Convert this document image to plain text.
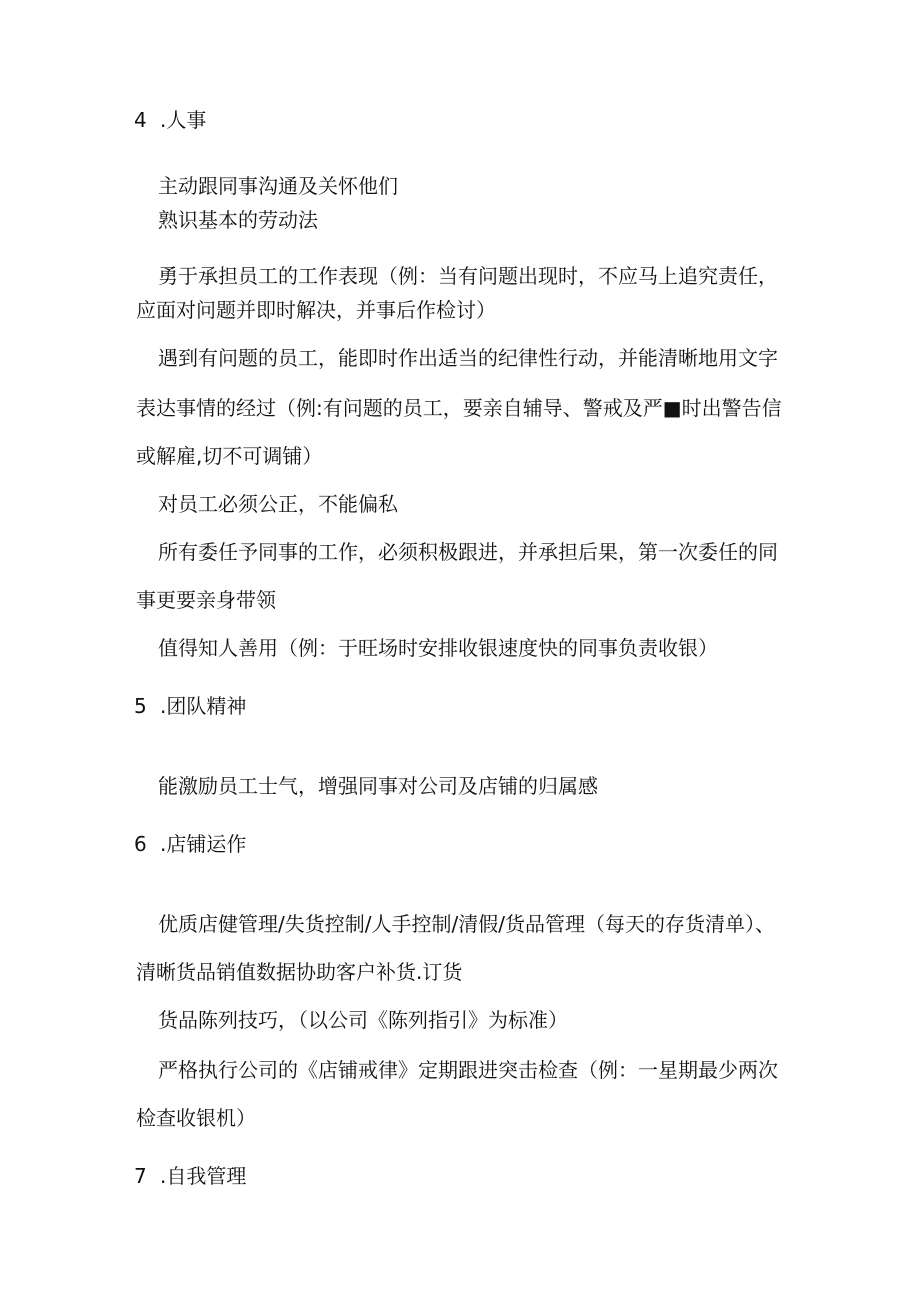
4 .人事

主动跟同事沟通及关怀他们

熟识基本的劳动法

勇于承担员工的工作表现（例：当有问题出现时，不应马上追究责任，

应面对问题并即时解决，并事后作检讨）

遇到有问题的员工，能即时作出适当的纪律性行动，并能清晰地用文字

表达事情的经过（例:有问题的员工，要亲自辅导、警戒及严■时出警告信

或解雇,切不可调铺）

对员工必须公正，不能偏私

所有委任予同事的工作，必须积极跟进，并承担后果，第一次委任的同

事更要亲身带领

值得知人善用（例：于旺场时安排收银速度快的同事负责收银）

5 .团队精神

能激励员工士气，增强同事对公司及店铺的归属感

6 .店铺运作

优质店健管理/失货控制/人手控制/清假/货品管理（每天的存货清单）、

清晰货品销值数据协助客户补货.订货

货品陈列技巧，（以公司《陈列指引》为标准）

严格执行公司的《店铺戒律》定期跟进突击检查（例：一星期最少两次

检查收银机）

7 .自我管理
